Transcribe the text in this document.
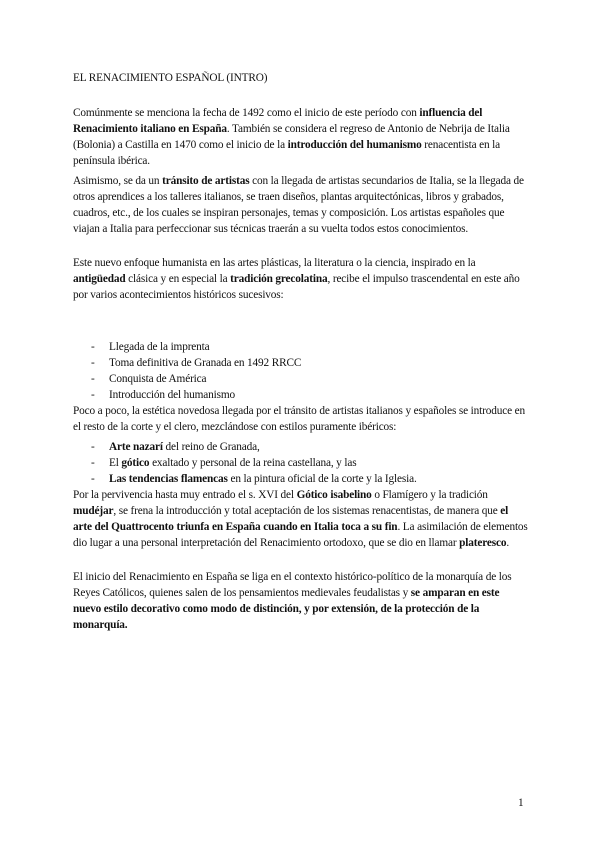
EL RENACIMIENTO ESPAÑOL (INTRO)

Comúnmente se menciona la fecha de 1492 como el inicio de este período con influencia del Renacimiento italiano en España. También se considera el regreso de Antonio de Nebrija de Italia (Bolonia) a Castilla en 1470 como el inicio de la introducción del humanismo renacentista en la península ibérica.

Asimismo, se da un tránsito de artistas con la llegada de artistas secundarios de Italia, se la llegada de otros aprendices a los talleres italianos, se traen diseños, plantas arquitectónicas, libros y grabados, cuadros, etc., de los cuales se inspiran personajes, temas y composición. Los artistas españoles que viajan a Italia para perfeccionar sus técnicas traerán a su vuelta todos estos conocimientos.

Este nuevo enfoque humanista en las artes plásticas, la literatura o la ciencia, inspirado en la antigüedad clásica y en especial la tradición grecolatina, recibe el impulso trascendental en este año por varios acontecimientos históricos sucesivos:

- Llegada de la imprenta
- Toma definitiva de Granada en 1492 RRCC
- Conquista de América
- Introducción del humanismo

Poco a poco, la estética novedosa llegada por el tránsito de artistas italianos y españoles se introduce en el resto de la corte y el clero, mezclándose con estilos puramente ibéricos:

- Arte nazarí del reino de Granada,
- El gótico exaltado y personal de la reina castellana, y las
- Las tendencias flamencas en la pintura oficial de la corte y la Iglesia.

Por la pervivencia hasta muy entrado el s. XVI del Gótico isabelino o Flamígero y la tradición mudéjar, se frena la introducción y total aceptación de los sistemas renacentistas, de manera que el arte del Quattrocento triunfa en España cuando en Italia toca a su fin. La asimilación de elementos dio lugar a una personal interpretación del Renacimiento ortodoxo, que se dio en llamar plateresco.

El inicio del Renacimiento en España se liga en el contexto histórico-político de la monarquía de los Reyes Católicos, quienes salen de los pensamientos medievales feudalistas y se amparan en este nuevo estilo decorativo como modo de distinción, y por extensión, de la protección de la monarquía.

1
